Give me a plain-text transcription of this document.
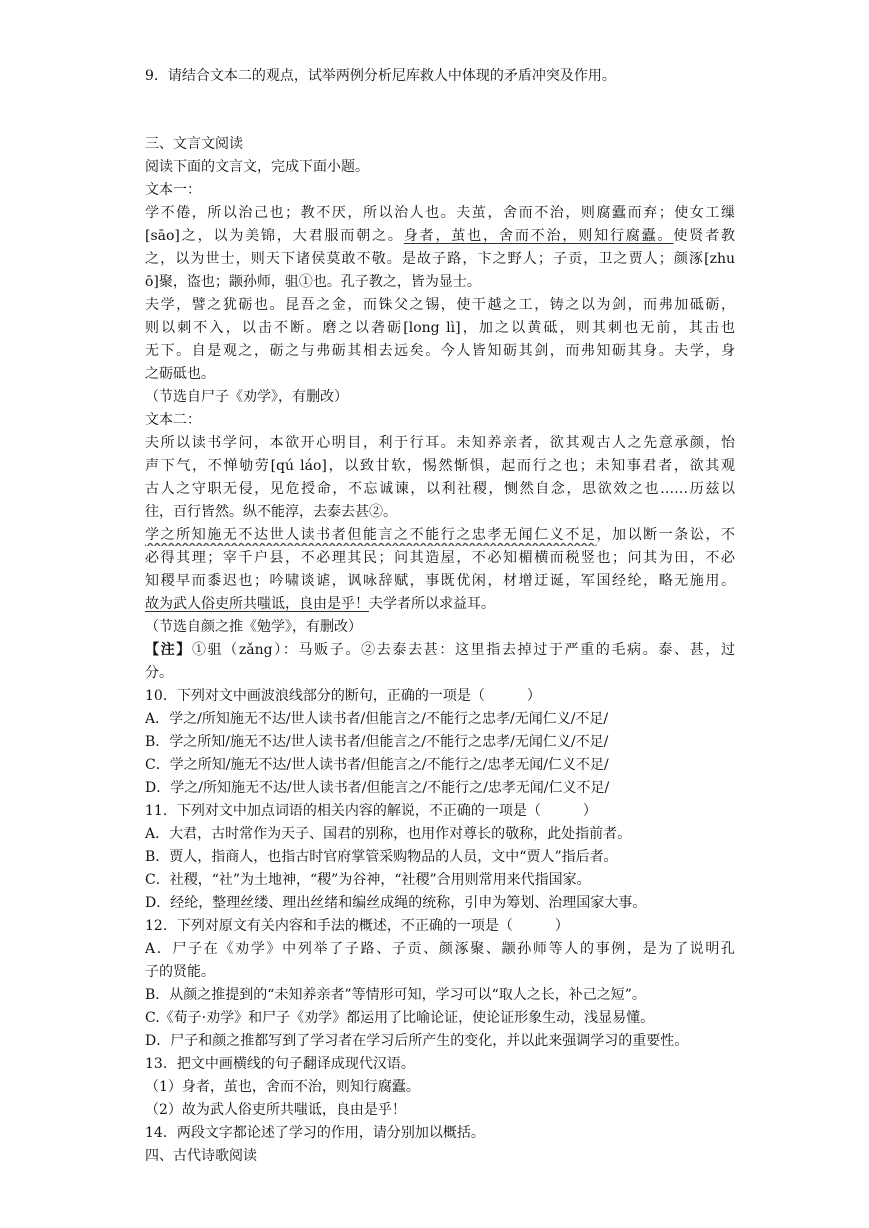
9．请结合文本二的观点，试举两例分析尼库救人中体现的矛盾冲突及作用。
三、文言文阅读
阅读下面的文言文，完成下面小题。
文本一：
学不倦，所以治己也；教不厌，所以治人也。夫茧，舍而不治，则腐蠹而弃；使女工缫
[sāo]之，以为美锦，大君服而朝之。身者，茧也，舍而不治，则知行腐蠹。使贤者教
之，以为世士，则天下诸侯莫敢不敬。是故子路，卞之野人；子贡，卫之贾人；颜涿[zhu
ō]聚，盗也；颛孙师，驵①也。孔子教之，皆为显士。
夫学，譬之犹砺也。昆吾之金，而铢父之锡，使干越之工，铸之以为剑，而弗加砥砺，
则以刺不入，以击不断。磨之以砻砺[long lì]，加之以黄砥，则其刺也无前，其击也
无下。自是观之，砺之与弗砺其相去远矣。今人皆知砺其剑，而弗知砺其身。夫学，身
之砺砥也。
（节选自尸子《劝学》，有删改）
文本二：
夫所以读书学问，本欲开心明目，利于行耳。未知养亲者，欲其观古人之先意承颜，怡
声下气，不惮劬劳[qú láo]，以致甘软，惕然惭惧，起而行之也；未知事君者，欲其观
古人之守职无侵，见危授命，不忘诚谏，以利社稷，恻然自念，思欲效之也……历兹以
往，百行皆然。纵不能淳，去泰去甚②。
学之所知施无不达世人读书者但能言之不能行之忠孝无闻仁义不足，加以断一条讼，不
必得其理；宰千户县，不必理其民；问其造屋，不必知楣横而税竖也；问其为田，不必
知稷早而黍迟也；吟啸谈谑，讽咏辞赋，事既优闲，材增迂诞，军国经纶，略无施用。
故为武人俗吏所共嗤诋，良由是乎！夫学者所以求益耳。
（节选自颜之推《勉学》，有删改）
【注】①驵（zǎng）：马贩子。②去泰去甚：这里指去掉过于严重的毛病。泰、甚，过
分。
10．下列对文中画波浪线部分的断句，正确的一项是（　　　）
A．学之/所知施无不达/世人读书者/但能言之/不能行之忠孝/无闻仁义/不足/
B．学之所知/施无不达/世人读书者/但能言之/不能行之忠孝/无闻仁义/不足/
C．学之所知/施无不达/世人读书者/但能言之/不能行之/忠孝无闻/仁义不足/
D．学之/所知施无不达/世人读书者/但能言之/不能行之/忠孝无闻/仁义不足/
11．下列对文中加点词语的相关内容的解说，不正确的一项是（　　　）
A．大君，古时常作为天子、国君的别称，也用作对尊长的敬称，此处指前者。
B．贾人，指商人，也指古时官府掌管采购物品的人员，文中“贾人”指后者。
C．社稷，“社”为土地神，“稷”为谷神，“社稷”合用则常用来代指国家。
D．经纶，整理丝缕、理出丝绪和编丝成绳的统称，引申为筹划、治理国家大事。
12．下列对原文有关内容和手法的概述，不正确的一项是（　　　）
A．尸子在《劝学》中列举了子路、子贡、颜涿聚、颛孙师等人的事例，是为了说明孔
子的贤能。
B．从颜之推提到的“未知养亲者”等情形可知，学习可以“取人之长，补己之短”。
C.《荀子·劝学》和尸子《劝学》都运用了比喻论证，使论证形象生动，浅显易懂。
D．尸子和颜之推都写到了学习者在学习后所产生的变化，并以此来强调学习的重要性。
13．把文中画横线的句子翻译成现代汉语。
（1）身者，茧也，舍而不治，则知行腐蠹。
（2）故为武人俗吏所共嗤诋，良由是乎！
14．两段文字都论述了学习的作用，请分别加以概括。
四、古代诗歌阅读
